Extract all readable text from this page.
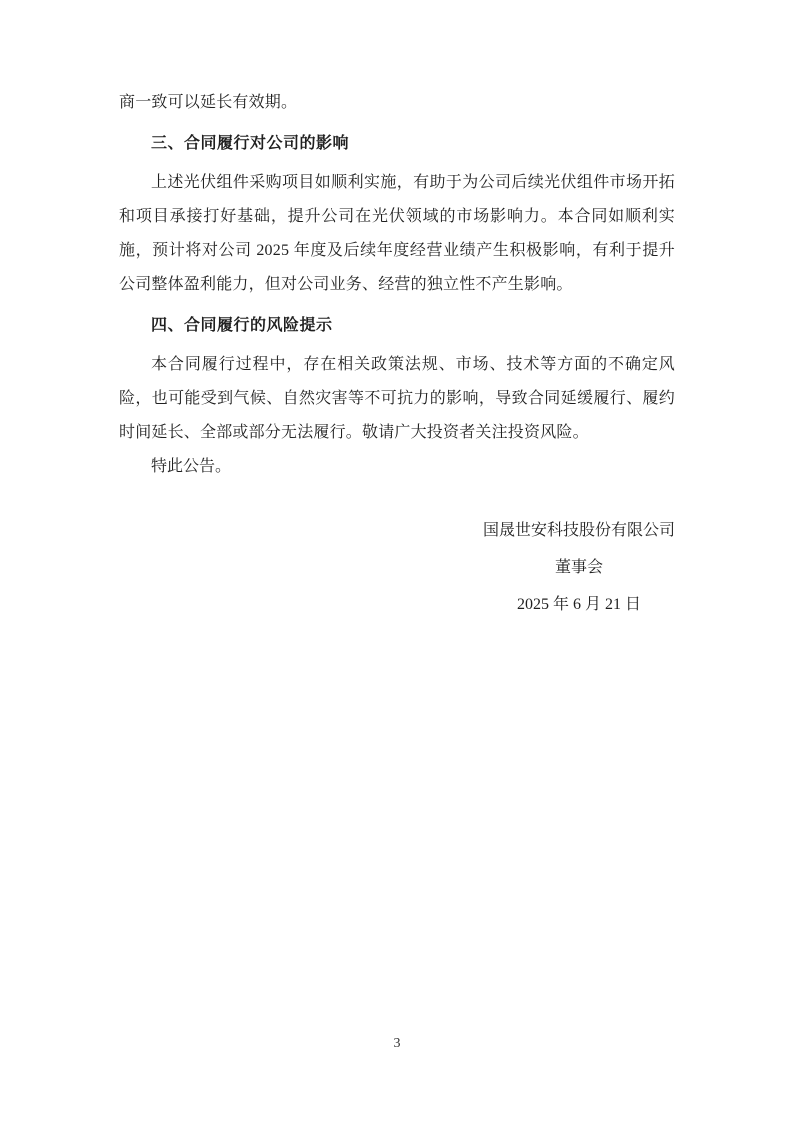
商一致可以延长有效期。

三、合同履行对公司的影响

上述光伏组件采购项目如顺利实施，有助于为公司后续光伏组件市场开拓和项目承接打好基础，提升公司在光伏领域的市场影响力。本合同如顺利实施，预计将对公司 2025 年度及后续年度经营业绩产生积极影响，有利于提升公司整体盈利能力，但对公司业务、经营的独立性不产生影响。

四、合同履行的风险提示

本合同履行过程中，存在相关政策法规、市场、技术等方面的不确定风险，也可能受到气候、自然灾害等不可抗力的影响，导致合同延缓履行、履约时间延长、全部或部分无法履行。敬请广大投资者关注投资风险。

特此公告。

国晟世安科技股份有限公司
董事会
2025 年 6 月 21 日
3
